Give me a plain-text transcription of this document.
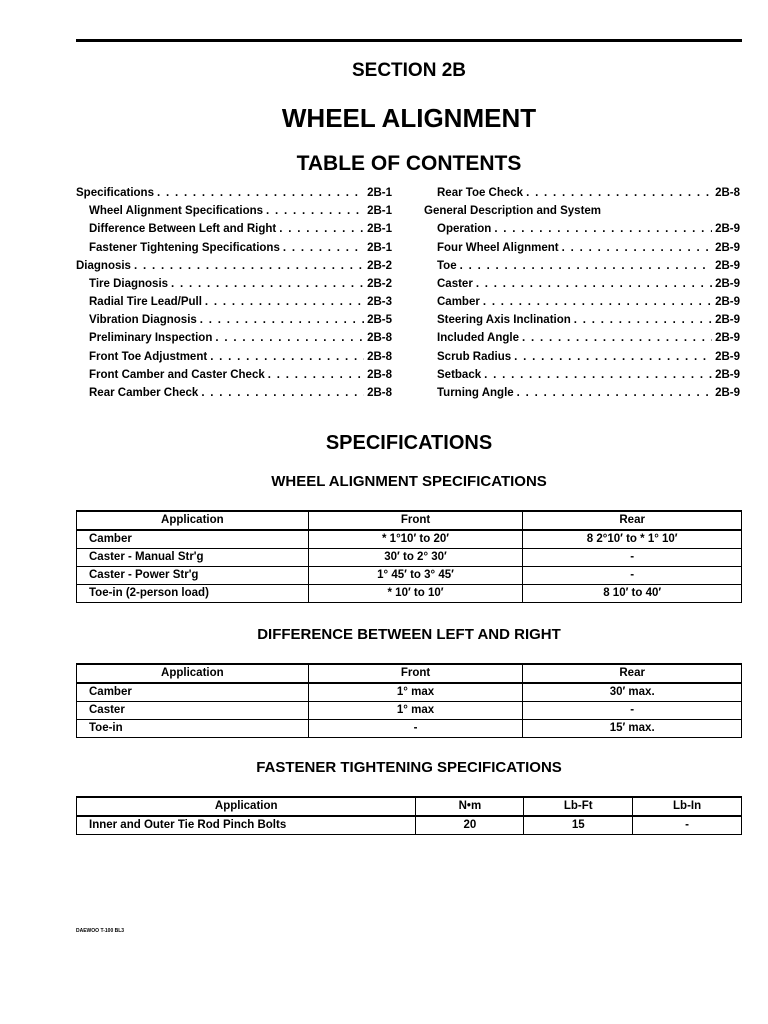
SECTION 2B
WHEEL ALIGNMENT
TABLE OF CONTENTS
Specifications . . .	2B-1
Wheel Alignment Specifications . . .	2B-1
Difference Between Left and Right . . .	2B-1
Fastener Tightening Specifications . . .	2B-1
Diagnosis . . .	2B-2
Tire Diagnosis . . .	2B-2
Radial Tire Lead/Pull . . .	2B-3
Vibration Diagnosis . . .	2B-5
Preliminary Inspection . . .	2B-8
Front Toe Adjustment . . .	2B-8
Front Camber and Caster Check . . .	2B-8
Rear Camber Check . . .	2B-8
Rear Toe Check . . .	2B-8
General Description and System
Operation . . .	2B-9
Four Wheel Alignment . . .	2B-9
Toe . . .	2B-9
Caster . . .	2B-9
Camber . . .	2B-9
Steering Axis Inclination . . .	2B-9
Included Angle . . .	2B-9
Scrub Radius . . .	2B-9
Setback . . .	2B-9
Turning Angle . . .	2B-9
SPECIFICATIONS
WHEEL ALIGNMENT SPECIFICATIONS
Application	Front	Rear
Camber	* 1°10′ to 20′	8 2°10′ to * 1° 10′
Caster - Manual Str'g	30′ to 2° 30′	-
Caster - Power Str'g	1° 45′ to 3° 45′	-
Toe-in (2-person load)	* 10′ to 10′	8 10′ to 40′
DIFFERENCE BETWEEN LEFT AND RIGHT
Application	Front	Rear
Camber	1° max	30′ max.
Caster	1° max	-
Toe-in	-	15′ max.
FASTENER TIGHTENING SPECIFICATIONS
Application	N•m	Lb-Ft	Lb-In
Inner and Outer Tie Rod Pinch Bolts	20	15	-
DAEWOO T-100 BL3
